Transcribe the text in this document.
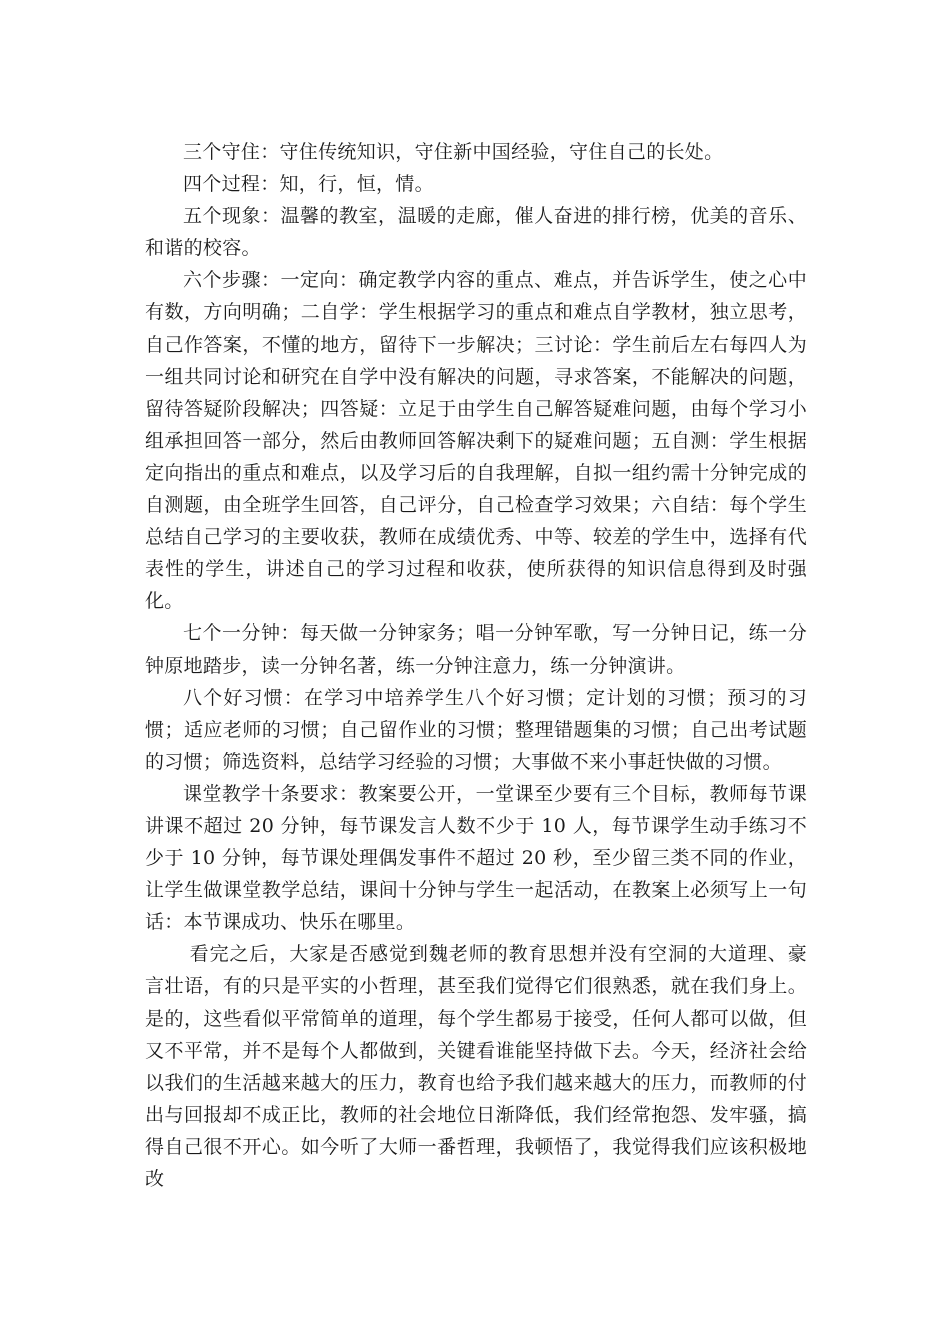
三个守住：守住传统知识，守住新中国经验，守住自己的长处。

四个过程：知，行，恒，情。

五个现象：温馨的教室，温暖的走廊，催人奋进的排行榜，优美的音乐、和谐的校容。

六个步骤：一定向：确定教学内容的重点、难点，并告诉学生，使之心中有数，方向明确；二自学：学生根据学习的重点和难点自学教材，独立思考，自己作答案，不懂的地方，留待下一步解决；三讨论：学生前后左右每四人为一组共同讨论和研究在自学中没有解决的问题，寻求答案，不能解决的问题，留待答疑阶段解决；四答疑：立足于由学生自己解答疑难问题，由每个学习小组承担回答一部分，然后由教师回答解决剩下的疑难问题；五自测：学生根据定向指出的重点和难点，以及学习后的自我理解，自拟一组约需十分钟完成的自测题，由全班学生回答，自己评分，自己检查学习效果；六自结：每个学生总结自己学习的主要收获，教师在成绩优秀、中等、较差的学生中，选择有代表性的学生，讲述自己的学习过程和收获，使所获得的知识信息得到及时强化。

七个一分钟：每天做一分钟家务；唱一分钟军歌，写一分钟日记，练一分钟原地踏步，读一分钟名著，练一分钟注意力，练一分钟演讲。

八个好习惯：在学习中培养学生八个好习惯；定计划的习惯；预习的习惯；适应老师的习惯；自己留作业的习惯；整理错题集的习惯；自己出考试题的习惯；筛选资料，总结学习经验的习惯；大事做不来小事赶快做的习惯。

课堂教学十条要求：教案要公开，一堂课至少要有三个目标，教师每节课讲课不超过 20 分钟，每节课发言人数不少于 10 人，每节课学生动手练习不少于 10 分钟，每节课处理偶发事件不超过 20 秒，至少留三类不同的作业，让学生做课堂教学总结，课间十分钟与学生一起活动，在教案上必须写上一句话：本节课成功、快乐在哪里。

看完之后，大家是否感觉到魏老师的教育思想并没有空洞的大道理、豪言壮语，有的只是平实的小哲理，甚至我们觉得它们很熟悉，就在我们身上。是的，这些看似平常简单的道理，每个学生都易于接受，任何人都可以做，但又不平常，并不是每个人都做到，关键看谁能坚持做下去。今天，经济社会给以我们的生活越来越大的压力，教育也给予我们越来越大的压力，而教师的付出与回报却不成正比，教师的社会地位日渐降低，我们经常抱怨、发牢骚，搞得自己很不开心。如今听了大师一番哲理，我顿悟了，我觉得我们应该积极地改
